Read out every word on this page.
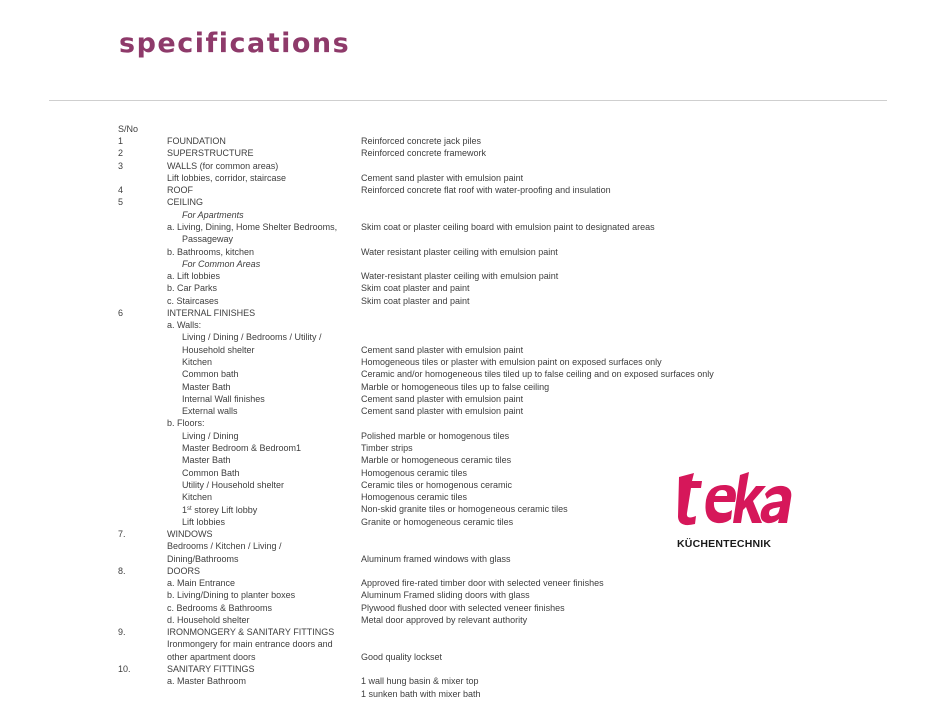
specifications
S/No
1	FOUNDATION	Reinforced concrete jack piles
2	SUPERSTRUCTURE	Reinforced concrete framework
3	WALLS (for common areas)
Lift lobbies, corridor, staircase	Cement sand plaster with emulsion paint
4	ROOF	Reinforced concrete flat roof with water-proofing and insulation
5	CEILING
For Apartments
a. Living, Dining, Home Shelter Bedrooms,	Skim coat or plaster ceiling board with emulsion paint to designated areas
Passageway
b. Bathrooms, kitchen	Water resistant plaster ceiling with emulsion paint
For Common Areas
a. Lift lobbies	Water-resistant plaster ceiling with emulsion paint
b. Car Parks	Skim coat plaster and paint
c. Staircases	Skim coat plaster and paint
6	INTERNAL FINISHES
a. Walls:
Living / Dining / Bedrooms / Utility /
Household shelter	Cement sand plaster with emulsion paint
Kitchen	Homogeneous tiles or plaster with emulsion paint on exposed surfaces only
Common bath	Ceramic and/or homogeneous tiles tiled up to false ceiling and on exposed surfaces only
Master Bath	Marble or homogeneous tiles up to false ceiling
Internal Wall finishes	Cement sand plaster with emulsion paint
External walls	Cement sand plaster with emulsion paint
b. Floors:
Living / Dining	Polished marble or homogenous tiles
Master Bedroom & Bedroom1	Timber strips
Master Bath	Marble or homogeneous ceramic tiles
Common Bath	Homogenous ceramic tiles
Utility / Household shelter	Ceramic tiles or homogenous ceramic
Kitchen	Homogenous ceramic tiles
1st storey Lift lobby	Non-skid granite tiles or homogeneous ceramic tiles
Lift lobbies	Granite or homogeneous ceramic tiles
7.	WINDOWS
Bedrooms / Kitchen / Living /
Dining/Bathrooms	Aluminum framed windows with glass
8.	DOORS
a. Main Entrance	Approved fire-rated timber door with selected veneer finishes
b. Living/Dining to planter boxes	Aluminum Framed sliding doors with glass
c. Bedrooms & Bathrooms	Plywood flushed door with selected veneer finishes
d. Household shelter	Metal door approved by relevant authority
9.	IRONMONGERY & SANITARY FITTINGS
Ironmongery for main entrance doors and
other apartment doors	Good quality lockset
10.	SANITARY FITTINGS
a. Master Bathroom	1 wall hung basin & mixer top
1 sunken bath with mixer bath
KÜCHENTECHNIK
